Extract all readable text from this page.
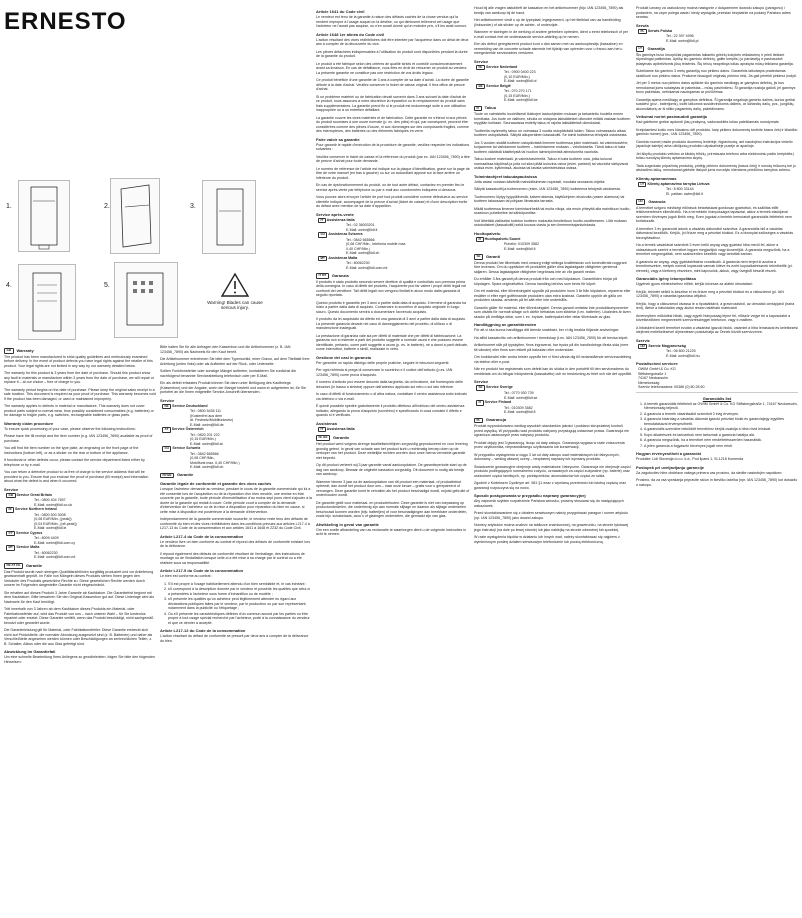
ERNESTO
1.	2.	3.
4.	5.
Warning! Blades can cause serious injury.
GB	Warranty

The product has been manufactured to strict quality guidelines and meticulously examined before delivery. In the event of product defects you have legal rights against the retailer of this product. Your legal rights are not limited in any way by our warranty detailed below.

The warranty for this product is 3 years from the date of purchase. Should this product show any fault in materials or manufacture within 3 years from the date of purchase, we will repair or replace it – at our choice – free of charge to you.

The warranty period begins on the date of purchase. Please keep the original sales receipt in a safe location. This document is required as your proof of purchase. This warranty becomes void if the product has been damaged, or used or maintained improperly.

The warranty applies to defects in material or manufacture. This warranty does not cover product parts subject to normal wear, thus possibly considered consumables (e.g. batteries) or for damage to fragile parts, e.g. switches, rechargeable batteries or glass parts.

Warranty claim procedure

To ensure quick processing of your case, please observe the following instructions:

Please have the till receipt and the item number (e.g. IAN 123456_7890) available as proof of purchase.

You will find the item number on the type plate, an engraving on the front page of the instructions (bottom left), or as a sticker on the rear or bottom of the appliance.

If functional or other defects occur, please contact the service department listed either by telephone or by e-mail.

You can return a defective product to us free of charge to the service address that will be provided to you. Ensure that you enclose the proof of purchase (till receipt) and information about what the defect is and when it occurred.

Service
GB Service Great Britain
Tel.: 0800 404 7657
E-Mail: owim@lidl.co.uk
NI Service Northern Ireland
Tel.: 0800 500 3008
(0,08 EUR/Min., [peak])
(0,04 EUR/Min., [off-peak])
E-Mail: owim@lidl.ie
CY Service Cyprus
Tel.: 8009 4409
E-Mail: owim@lidl.com.cy
MT Service Malta
Tel.: 80062230
E-Mail: owim@lidl.com.mt
DE AT CH	Garantie

Das Produkt wurde nach strengen Qualitätsrichtlinien sorgfältig produziert und vor Anlieferung gewissenhaft geprüft. Im Falle von Mängeln dieses Produkts stehen Ihnen gegen den Verkäufer des Produkts gesetzliche Rechte zu. Diese gesetzlichen Rechte werden durch unsere im Folgenden dargestellte Garantie nicht eingeschränkt.

Sie erhalten auf dieses Produkt 3 Jahre Garantie ab Kaufdatum. Die Garantiefrist beginnt mit dem Kaufdatum. Bitte bewahren Sie den Original-Kassenbon gut auf. Diese Unterlage wird als Nachweis für den Kauf benötigt.

Tritt innerhalb von 3 Jahren ab dem Kaufdatum dieses Produkts ein Material- oder Fabrikationsfehler auf, wird das Produkt von uns – nach unserer Wahl – für Sie kostenlos repariert oder ersetzt. Diese Garantie verfällt, wenn das Produkt beschädigt, nicht sachgemäß benutzt oder gewartet wurde.

Die Garantieleistung gilt für Material- oder Fabrikationsfehler. Diese Garantie erstreckt sich nicht auf Produktteile, die normaler Abnutzung ausgesetzt sind (z. B. Batterien) und daher als Verschleißteile angesehen werden können oder Beschädigungen an zerbrechlichen Teilen, z. B. Schalter, Akkus oder die aus Glas gefertigt sind.

Abwicklung im Garantiefall

Um eine schnelle Bearbeitung Ihres Anliegens zu gewährleisten, folgen Sie bitte den folgenden Hinweisen:

Bitte halten Sie für alle Anfragen den Kassenbon und die Artikelnummer (z. B. IAN 123456_7890) als Nachweis für den Kauf bereit.

Die Artikelnummer entnehmen Sie bitte dem Typenschild, einer Gravur, auf dem Titelblatt Ihrer Anleitung (unten links) oder als Aufkleber auf der Rück- oder Unterseite.

Sollten Funktionsfehler oder sonstige Mängel auftreten, kontaktieren Sie zunächst die nachfolgend benannte Serviceabteilung telefonisch oder per E-Mail.

Ein als defekt erfasstes Produkt können Sie dann unter Beifügung des Kaufbelegs (Kassenbon) und der Angabe, worin der Mangel besteht und wann er aufgetreten ist, für Sie portofrei an die Ihnen mitgeteilte Service-Anschrift übersenden.

Service
DE Service Deutschland
Tel.: 0800 5435 111
(Kostenfrei aus dem
dt. Festnetz/Mobilfunknetz)
E-Mail: owim@lidl.de
AT Service Österreich
Tel.: 0820 201 222
(0,15 EUR/Min.)
E-Mail: owim@lidl.at
CH Service Schweiz
Tel.: 0842 665566
(0,08 CHF/Min.,
Mobilfunk max. 0,40 CHF/Min.)
E-Mail: owim@lidl.ch
FR BE	Garantie
Garantie légale de conformité et garantie des vices cachés

Lorsque l'acheteur demande au vendeur, pendant le cours de la garantie commerciale qui lui a été consentie lors de l'acquisition ou de la réparation d'un bien meuble, une remise en état couverte par la garantie, toute période d'immobilisation d'au moins sept jours vient s'ajouter à la durée de la garantie qui restait à courir. Cette période court à compter de la demande d'intervention de l'acheteur ou de la mise à disposition pour réparation du bien en cause, si cette mise à disposition est postérieure à la demande d'intervention.

Indépendamment de la garantie commerciale souscrite, le vendeur reste tenu des défauts de conformité du bien et des vices rédhibitoires dans les conditions prévues aux articles L217-4 à L217-13 du Code de la consommation et aux articles 1641 à 1648 et 2232 du Code Civil.

Article L217-4 du Code de la consommation

Le vendeur livre un bien conforme au contrat et répond des défauts de conformité existant lors de la délivrance.

Il répond également des défauts de conformité résultant de l'emballage, des instructions de montage ou de l'installation lorsque celle-ci a été mise à sa charge par le contrat ou a été réalisée sous sa responsabilité.

Article L217-5 du Code de la consommation

Le bien est conforme au contrat :

1. S'il est propre à l'usage habituellement attendu d'un bien semblable et, le cas échéant :
2. s'il correspond à la description donnée par le vendeur et possède les qualités que celui-ci a présentées à l'acheteur sous forme d'échantillon ou de modèle ;
3. s'il présente les qualités qu'un acheteur peut légitimement attendre eu égard aux déclarations publiques faites par le vendeur, par le producteur ou par son représentant, notamment dans la publicité ou l'étiquetage ;
4. Ou s'il présente les caractéristiques définies d'un commun accord par les parties ou être propre à tout usage spécial recherché par l'acheteur, porté à la connaissance du vendeur et que ce dernier a accepté.
Article L217-12 du Code de la consommation

L'action résultant du défaut de conformité se prescrit par deux ans à compter de la délivrance du bien.

Article 1641 du Code civil

Le vendeur est tenu de la garantie à raison des défauts cachés de la chose vendue qui la rendent impropre à l'usage auquel on la destine, ou qui diminuent tellement cet usage que l'acheteur ne l'aurait pas acquise, ou n'en aurait donné qu'un moindre prix, s'il les avait connus.

Article 1648 1er alinéa du Code civil

L'action résultant des vices rédhibitoires doit être intentée par l'acquéreur dans un délai de deux ans à compter de la découverte du vice.

Les pièces détachées indispensables à l'utilisation du produit sont disponibles pendant la durée de la garantie du produit.

Le produit a été fabriqué selon des critères de qualité stricts et contrôlé consciencieusement avant sa livraison. En cas de défaillance, vous êtes en droit de retourner ce produit au vendeur. La présente garantie ne constitue pas une restriction de vos droits légaux.

Ce produit bénéficie d'une garantie de 3 ans à compter de sa date d'achat. La durée de garantie débute à la date d'achat. Veuillez conserver le ticket de caisse original. Il fera office de preuve d'achat.

Si un problème matériel ou de fabrication devait survenir dans 3 ans suivant la date d'achat de ce produit, nous assurons à notre discrétion la réparation ou le remplacement du produit sans frais supplémentaires. La garantie prend fin si le produit est endommagé suite à une utilisation inappropriée ou à un entretien défaillant.

La garantie couvre les vices matériels et de fabrication. Cette garantie ne s'étend ni aux pièces du produit soumises à une usure normale (p. ex. des piles) et qui, par conséquent, peuvent être considérées comme des pièces d'usure, ni aux dommages sur des composants fragiles, comme des interrupteurs, des batteries ou des éléments fabriqués en verre.

Faire valoir sa garantie

Pour garantir le rapide d'exécution de la procédure de garantie, veuillez respecter les indications suivantes :

Veuillez conserver le ticket de caisse et la référence du produit (par ex. IAN 123456_7890) à titre de preuve d'achat pour toute demande.

Le numéro de référence de l'article est indiqué sur la plaque d'identification, gravé sur la page de titre de votre manuel (en bas à gauche) ou sur un autocollant apposé sur la face arrière ou inférieure du produit.

En cas de dysfonctionnement du produit, ou de tout autre défaut, contactez en premier lieu le service après-vente par téléphone ou par e-mail aux coordonnées indiquées ci-dessous.

Vous pouvez alors envoyer l'article de port tout produit considéré comme défectueux au service clientèle indiqué, accompagné de la preuve d'achat (ticket de caisse) et d'une description écrite du défaut avec mention de sa date d'apparition.

Service après-vente
IT Assistenza Italia
Tel.: 02 36003201
E-Mail: owim@lidl.it
CH Assistenza Svizzera
Tel.: 0842 665566
(0,08 CHF/Min., telefonia mobile max.
0,40 CHF/Min.)
E-Mail: owim@lidl.ch
MT Assistenza Malta
Tel.: 80062230
E-Mail: owim@lidl.com.mt
IT MT	Garanzia

Il prodotto è stato prodotto secondo severe direttive di qualità e controllato con premura prima della consegna. In caso di difetti del prodotto, l'acquirente può far valere i propri diritti legali nei confronti del venditore. Tali diritti legali non vengono limitati in alcun modo dalla garanzia di seguito riportata.

Questo prodotto è garantito per 3 anni a partire dalla data di acquisto. Il termine di garanzia ha inizio a partire dalla data di acquisto. Conservare lo scontrino di acquisto originale in luogo sicuro. Questo documento servirà a documentare l'avvenuto acquisto.

Il prodotto da lei acquistato da difetto ed una garanzia di 3 anni a partire dalla data di acquisto. La presente garanzia decade nel caso di danneggiamento del prodotto, di utilizzo o di manutenzione inadeguati.

La prestazione di garanzia vale sia per difetti di materiale che per difetti di fabbricazione. La garanzia non si estende a parti del prodotto soggette a normale usura e che possono essere identificate, pertanto, come parti soggette a usura (p. es. le batterie), né a danni a parti delicate, come interruttori, batterie o simili, realizzate in vetro.

Gestione dei casi in garanzia

Per garantire un rapido disbrigo delle proprie pratiche, seguire le istruzioni seguenti:

Per ogni richiesta si prega di conservare lo scontrino e il codice dell'articolo (p.es. IAN 123456_7890) come prova d'acquisto.

Il numero d'articolo può essere desunto dalla targhetta, da un'incisione, dal frontespizio delle istruzioni (in basso a sinistra) oppure dall'adesivo applicato sul retro o sul lato inferiore.

In caso di difetti di funzionamento o di altra natura, contattare il centro assistenza sotto indicato via telefono o via e-mail.

È quindi possibile spedire gratuitamente il prodotto difettoso all'indirizzo del centro assistenza indicato, allegando la prova d'acquisto (scontrino) e specificando in cosa consiste il difetto e quando si è verificato.

Assistenza
IT Assistenza Italia
NL BE	Garantie

Het product werd volgens strenge kwaliteitsrichtlijnen zorgvuldig geproduceerd en voor levering grondig getest. In geval van schade aan het product kunt u rechtmatig beroep doen op de verkoper van het product. Deze wettelijke rechten worden door onze hierna vermelde garantie niet beperkt.

Op dit product verleent wij 3 jaar garantie vanaf aankoopdatum. De garantieperiode start op de dag van aankoop. Bewaar de originele kassabon zorgvuldig. Dit document is nodig als bewijs van aankoop.

Wanneer binnen 3 jaar na de aankoopdatum van dit product een materiaal- of productiefout optreedt, dan wordt het product door ons – naar onze keuze – gratis voor u gerepareerd of vervangen. Deze garantie komt te vervallen als het product beschadigd wordt, onjuist gebruikt of onderhouden wordt.

De garantie geldt voor materiaal- en productiefouten. Deze garantie is niet van toepassing op productonderdelen, die onderhevig zijn aan normale slijtage en daarom als slijtage onderdelen beschouwd kunnen worden (bijv. batterijen) of voor beschadigingen aan breekbare onderdelen, zoals bijv. schakelaars, accu's of glazingen onderdelen, die gemaakt zijn van glas.

Afwikkeling in geval van garantie

Om een snelle afhandeling van uw reclamatie te waarborgen dient u de volgende instructies in acht te nemen:

Houd bij alle vragen alstublieft de kassabon en het artikelnummer (bijv. IAN 123456_7890) als bewijs van aankoop bij de hand.

Het artikelnummer vindt u op de typeplaat, ingegraveerd, op het titelblad van uw handleiding (linksonder) of als sticker op de achter- of onderzijde.

Wanneer er storingen in de werking of andere gebreken optreden, dient u eerst telefonisch of per e-mail contact met de onderstaande service-afdeling op te nemen.

Een als defect geregistreerd product kunt u dan samen met uw aankoopbewijs (kassabon) en vermelding van de concrete schade alsmede het tijdstip van optreden voor u franco aan het u meegedeelde serviceadres versturen.

Service
NL Service Nederland
Tel.: 0900 0400 223
(0,10 EUR/Min.)
E-Mail: owim@lidl.nl
BE Service België
Tel.: 070 270 171
(0,15 EUR/Min.)
E-Mail: owim@lidl.be
FI	Takuu

Tuote on valmistettu huolellisesti tiukkojen laatuohjeiden mukaan ja tarkastettu huolella ennen toimitusta. Jos tuote on viallinen, sinulla on ostajana lakisääteiset oikeudet mitätä vastaan tuotteen myyjään kohtaan. Seuraavassa esitetty takuu ei rajoita lakisääteisiä oikeuksiasi.

Tuotteella myönnetty takuu on voimassa 3 vuotta ostopäivästä lukien. Takuu voimassaolo alkaa tuotteen ostopäivästä. Säilytä alkuperäinen kassakuitti. Se toimii todisteena tehdystä ostoksesta.

Jos 3 vuoden sisällä tuotteen ostopäivästä ilmenee tuotteessa jokin materiaali- tai valmistusvirhe, korjaamme tai vaihdamme tuotteen – harkintamme mukaan – veloituksetta. Tämä takuu ei kata tuotteen väärästä käsittelystä tai huollon laiminlyönnistä aiheutuneita vaurioita.

Takuu koskee materiaali- ja valmistusvirheitä. Takuu ei kata tuotteen osia, jotka kuluvat normaalissa käytössä ja joita voi siksi pitää kuluvina osina (esim. paristot) tai vaurioita särkyvissä osissa esim. kytkimissä, akuissa tai lasista valmistetuissa osissa.

Toimintaohjeet takuutapauksissa

Jotta asiasi voidaan käsitellä mahdollisimman nopeasti, noudata seuraavia ohjeita:

Säilytä kassakuitti ja tuotenumero (esim. IAN 123456_7890) todisteena tehdystä ostoksesta.

Tuotenumero löytyy tyyppikilvestä, kaiverruksesta, käyttöohjeen etusivulta (vasen alareuna) tai tuotteen takaosaan tai pohjaan liimatusta tarrasta.

Mikäli tuotteessa ilmenee toimintavirheitä tai muita vikoja, ota ensin yhteyttä alla mainittuun huolto-osastoon puhelimitse tai sähköpostitse.

Voit lähettää vialliseksi todetun tuotteen maksutta ilmoitettuun huolto-osoitteeseen. Liitä mukaan ostotodisteet (kassakuitti) sekä kuvaus viasta ja sen ilmenemisajankohdasta.

Huoltopalvelu
FI Huoltopalvelu Suomi
Puhelin: 010309 3582
E-Mail: owim@lidl.fi
SE	Garanti

Denna produkt har tillverkats med omsorg enligt stränga kvalitetskrav och kontrollerats noggrant före leverans. Om du upptäcker ett produktfel gäller dina lagstadgade rättigheter gentemot säljaren. Dessa lagstadgade rättigheter begränsas inte av vår garanti nedan.

Du erhåller 3 års garanti på denna produkt från och med köpdatum. Garantitiden börjar på köpdagen. Spara originalkvittot. Denna handling behövs som bevis för köpet.

Om ett material- eller tillverkningsfel uppstår på produkten inom 3 år från köpdatum, reparerar eller ersätter vi efter eget gottfinnande produkten utan extra kostnad. Garantin upphör att gälla om produkten skadas, används på fel sätt eller inte underhålls.

Garantin gäller för material- eller tillverkningsfel. Denna garanti omfattar inte produktkomponenter som utsätts för normalt slitage och därför betraktas som slitdelar (t.ex. batterier). Likaledes är även skador på ömtåliga delar, som t. ex. brytare, batteripaket eller delar tillverkade av glas.

Handläggning av garantiärenden

För att vi ska kunna handlägga ditt ärende snabbast, ber vi dig beakta följande anvisningar:

Ha alltid kassakvitto och artikelnummer i beredskap (t.ex. IAN 123456_7890) för att bevisa köpet.

Artikelnumret står på typskylten, finns ingraverat, har trycks på din handlednings första sida (nere till vänster) eller finns som etikett på baksidan eller undersidan.

Om funktionsfel eller andra brister uppstår ber vi först vända dig till nedanstående serviceavdelning via telefon eller e-post.

När en produkt har registrerats som defekt kan du skicka in den portofritt till den serviceadress du meddelats om du bifogar inköpsbevis (kassakvitto) och en beskrivning av felet och när det uppstått.

Service
SE Service Sverige
Tel.: 0770 930 739
E-Mail: owim@lidl.se
FI Service Finland
Tel.: 010309 3582
E-Mail: owim@lidl.fi
PL	Gwarancja

Produkt wyprodukowano według wysokich standardów jakości i poddano skrupulatnej kontroli przed wysyłką. W przypadku wad produktu nabywcy przysługują ustawowe prawa. Gwarancja nie ogranicza ustawowych praw nabywcy produktu.

Produkt objęty jest 3 gwarancją, licząc od daty zakupu. Gwarancja wygasa w razie zniszczenia przez użytkownika, nieprawidłowego użytkowania lub konserwacji.

W przypadku wystąpienia w ciągu 3 lat od daty zakupu wad materiałowych lub fabrycznych, dokonamy – według własnej oceny – bezpłatnej naprawy lub wymiany produktu.

Świadczenie gwarancyjne obejmuje wady materiałowe i fabryczne. Gwarancja nie obejmuje części produktu podlegających normalnemu zużyciu, uznawanych za części zużywalne (np. baterie) oraz uszkodzeń części łamliwych, np. przełączników, akumulatorów lub części ze szkła.

Zgodnie z Kodeksem Cywilnym art. 581 §1 wraz z wymianą przedmiotu lub istotną częścią oraz gwarancji rozpoczyna się na nowo.

Sposób postępowania w przypadku naprawy gwarancyjnej

Aby zapewnić szybkie rozpatrzenie Państwa wniosku, prosimy stosować się do następujących wskazówek:

Przed skontaktowaniem się z działem serwisowym należy przygotować paragon i numer artykułu (np. IAN 123456_7890) jako dowód zakupu.

Numery artykułów można znaleźć na tabliczce znamionowej, na grawerunku, na stronie tytułowej jego instrukcji (na dole po lewej stronie) lub jako naklejkę na stronie odwrotnej lub spodniej.

W razie wystąpienia błędów w działaniu lub innych wad, należy skontaktować się najpierw z wymienionym poniżej działem serwisowym telefonicznie lub pocztą elektroniczną.

Produkt uznany za uszkodzony można następnie z dołączeniem dowodu zakupu (paragonu) i podaniem, na czym polega wada i kiedy wystąpiła, przesłać bezpłatnie na podany Państwu adres serwisu.

Serwis
PL Serwis Polska
Tel.: 22 397 4996
E-Mail: owim@lidl.pl
LT	Garantija

Šis gaminys buvo kruopščiai pagamintas laikantis griežtų kokybės reikalavimų ir prieš tiekiant rūpestingai patikrintas. Aptikę šio gaminio defektų, galite kreiptis į jo pardavėją ir pasinaudoti įstatymais apibrėžtomis jūsų teisėmis. Šių teisių neapriboja toliau aprašyta mūsų teikiama garantija.

Suteikiame šio gaminio 3 metų garantiją nuo pirkimo datos. Garantinis laikotarpis pradedamas skaičiuoti nuo pirkimo datos. Prašome išsaugoti originalų pirkimo čekį. Jis gali prireikti pirkimui įrodyti.

Jei per 3 metus nuo pirkimo datos aptikote šio gaminio medžiagų ar gamybos defektų, jis bus nemokamai jums sutaisytas ar pakeistas – mūsų pasirinkimu. Ši garantija nustoja galioti, jei gaminys buvo pažeistas, netinkamai naudojamas ar prižiūrimas.

Garantija apima medžiagų ar gamybos defektus. Ši garantija negalioja gaminio dalims, kurios greitai susidėvi (pvz., baterijoms), todėl laikomos susidėvinčiomis dalimis, ar lūžtančių dalių, pvz., jungiklių, akumuliatorių ar iš stiklo pagamintų dalių, pažeidimams.

Veiksmai norint pasinaudoti garantija

Kad galėtume greitai apdoroti jūsų prašymą, vadovaukitės toliau pateikiamais nurodymais:

Kreipdamiesi kokiu nors klausimu dėl produkto, kaip pirkimo dokumentą turėkite kasos čekį ir išlaidžio gaminio numerį (pvz., IAN 123456_7890).

Gaminio numerį rasite produkto duomenų lentelėje, išgraviruotą, ant naudojimo instrukcijos viršelio (apačioje kairėje) arba užklijuotą produkto užpakalinėje pusėje ar apačioje.

Jei iškyltų produkto veikimo ar kitokių trikčių, prirmiausia telefonu arba elektroniniu paštu kreipkitės į toliau nurodytą klientų aptarnavimo skyrių.

Tada sugedusiu pripažintą produktą, pridėję pirkimo dokumentą (kasos čekį) ir nurodę trūkumą bei jo atsiradimo laiką, nemokamai galėsite išsiųsti jums nurodytu klientams priežiūros tarnybos adresu.

Klientų aptarnavimas
LT Klientų aptarnavimo tarnyba Lietuva
Tel.: 8 800 33144
El. paštas: owim@lidl.lt
HU	Garancia

A terméket szigorú minőségi előírások betartásával gondosan gyártottuk, és szállítás előtt lelkiismeretesen ellenőriztük. Ha a termékein hiányosságot tapasztal, akkor a termék eladójával szemben törvényes jogok illetik meg. Ezen jogokat a lentebb bemutatott garanciális feltételek nem korlátozzák.

A termékre 3 év garanciát adunk a vásárlás dátumától számítva. A garanciális idő a vásárlás dátumával kezdődik. Kérjük, jól őrizze meg a pénztári blokkot. Ez a bizonylat szükséges a vásárlás bizonyításához.

Ha a termék vásárlását számított 3 éven belül anyag vagy gyártási hiba merül fel, akkor a választásunk szerint a terméket ingyen megjavítjuk vagy kicseréljük. A garancia megszűnik, ha a terméket megrongálták, nem szakszerűen kezelték vagy tartották karban.

A garancia az anyag- vagy gyártáshibákra vonatkozik. A garancia nem terjed ki azokra a termékrészekre, melyek normál kopásnak vannak kitéve és ezért kopóalkatrésznek tekinthetők (pl. elemek), vagy a törékeny részeken, mint kapcsolók, akkuk, vagy üvegből készült részek.

Garanciális igény lebonyolítása

Ügyének gyors elintézéséhez előbb, kérjük kövesse az alábbi útmutatást:

Kérjük, tekintet nélkül is készítse el és őrizze meg a pénztári blokkot és a cikkszámot (pl. IAN 123456_7890) a vásárlás igazolása céljából.

Kérjük, hogy a cikkszámot olvassa le a típustábláról, a gravírozásból, az útmutató címlapjáról (balra lent), illetve a hátoldalán vagy alulsó részen található matricáról.

Amennyiben működési hibák, vagy egyéb hiányosság lépne fel, először vegye fel a kapcsolatot a következőkben megnevezett szervizrészleggel telefonon, vagy e-mailben.

A hibásként kezelt terméket ezután a vásárlást igazoló blokk, valamint a hiba leírásával és keletkezési idejének mellékelésével díjmentesen postázhatja az Önnek közölt szervizcímre.

Szerviz
HU Szerviz Magyarország
Tel.: 06 800 21225
E-Mail: owim@lidl.hu
Postalisched servicer:
OWIM GmbH & Co. KG
Stiftsbergstraße 1
74167 Neckarsulm
Németország
Szerviz telefonszáma: 00386 (0) 80 28 60
Garanciális list
1. A termék garanciális feltételeit az OWIM GmbH & Co. KG Stiftsbergstraße 1, 74167 Neckarsulm, Németország teljesíti.
2. A garancia a termék vásárlásától számított 3 évig érvényes.
3. A garancia kizárólag a vásárlás dátumát igazoló pénztári blokk és garanciajegy együttes bemutatásával érvényesíthető.
4. A garanciális szervizbe beküldött termékhez kérjük csatolja a hiba rövid leírását.
5. Kopó alkatrészek és tartozékok nem tartoznak a garancia hatálya alá.
6. A garancia megszűnik, ha a terméket nem rendeltetésszerűen használták.
7. A jelen garancia a fogyasztó törvényes jogait nem érinti.
Hogyan érvényesítheti a garanciát

Produkte: Lidl Slovenija d.o.o. k.d., Pod lipami 1, SI-1218 Komenda

Postopek pri uveljavljanju garancije

Za zagotovitev hitre obdelave vašega primera vas prosimo, da sledite naslednjim napotkom:

Prosimo, da za vsa vprašanja pripravite račun in številko izdelka (npr. IAN 123456_7890) kot dokazilo o nakupu.
